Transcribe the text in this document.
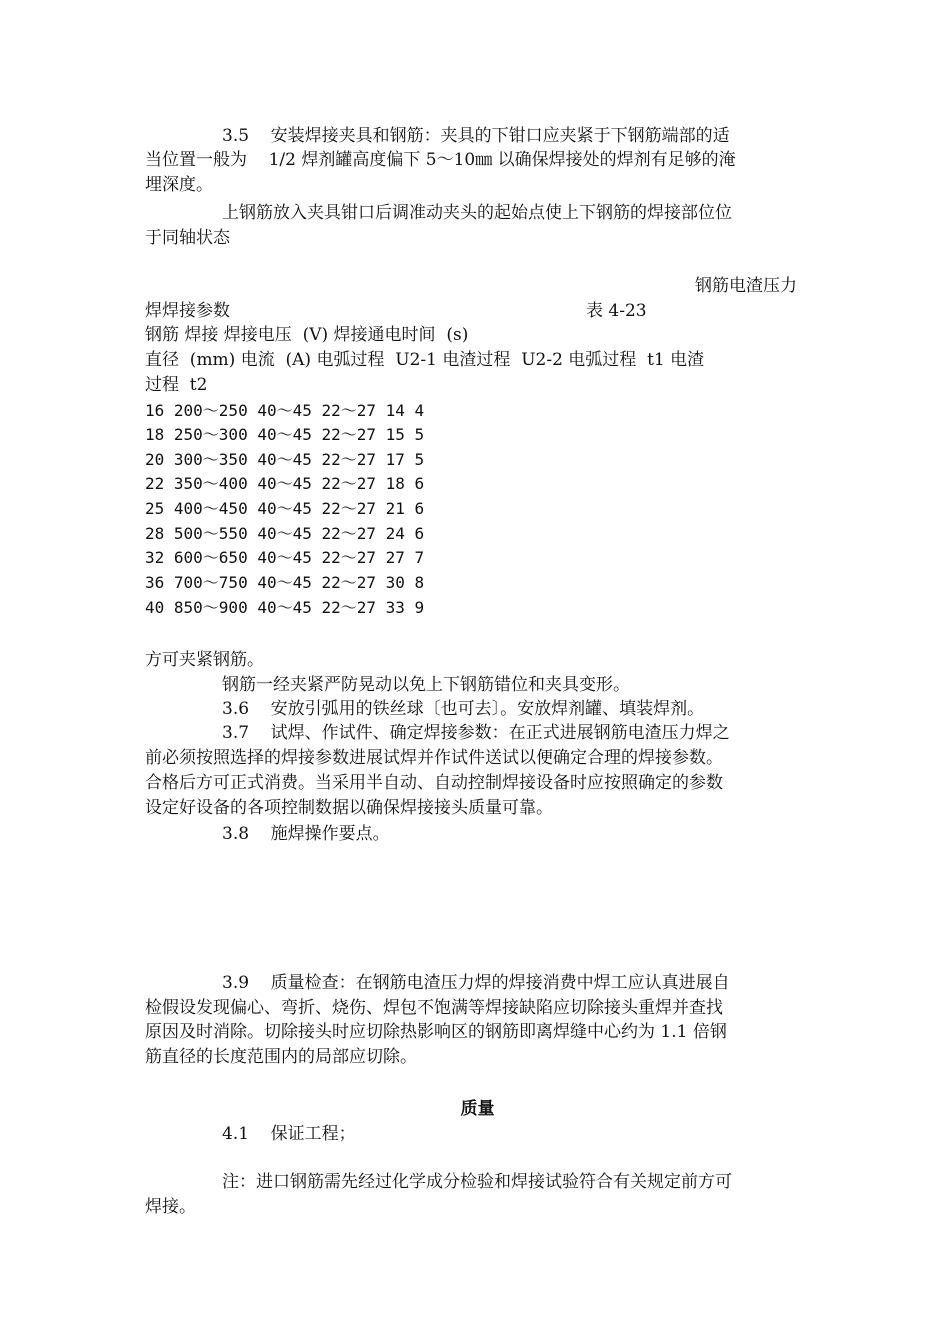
3.5    安装焊接夹具和钢筋：夹具的下钳口应夹紧于下钢筋端部的适

当位置一般为    1/2 焊剂罐高度偏下 5～10㎜ 以确保焊接处的焊剂有足够的淹

埋深度。

上钢筋放入夹具钳口后调准动夹头的起始点使上下钢筋的焊接部位位

于同轴状态

钢筋电渣压力

焊焊接参数	表 4-23

钢筋 焊接 焊接电压  (V) 焊接通电时间  (s)

直径  (mm) 电流  (A) 电弧过程  U2-1 电渣过程  U2-2 电弧过程  t1 电渣

过程  t2

16 200～250 40～45 22～27 14 4
18 250～300 40～45 22～27 15 5
20 300～350 40～45 22～27 17 5
22 350～400 40～45 22～27 18 6
25 400～450 40～45 22～27 21 6
28 500～550 40～45 22～27 24 6
32 600～650 40～45 22～27 27 7
36 700～750 40～45 22～27 30 8
40 850～900 40～45 22～27 33 9

方可夹紧钢筋。

钢筋一经夹紧严防晃动以免上下钢筋错位和夹具变形。

3.6    安放引弧用的铁丝球〔也可去〕。安放焊剂罐、填装焊剂。

3.7    试焊、作试件、确定焊接参数：在正式进展钢筋电渣压力焊之

前必须按照选择的焊接参数进展试焊并作试件送试以便确定合理的焊接参数。

合格后方可正式消费。当采用半自动、自动控制焊接设备时应按照确定的参数

设定好设备的各项控制数据以确保焊接接头质量可靠。

3.8    施焊操作要点。

3.9    质量检查：在钢筋电渣压力焊的焊接消费中焊工应认真进展自

检假设发现偏心、弯折、烧伤、焊包不饱满等焊接缺陷应切除接头重焊并查找

原因及时消除。切除接头时应切除热影响区的钢筋即离焊缝中心约为 1.1 倍钢

筋直径的长度范围内的局部应切除。

质量

4.1    保证工程；

注：进口钢筋需先经过化学成分检验和焊接试验符合有关规定前方可

焊接。
